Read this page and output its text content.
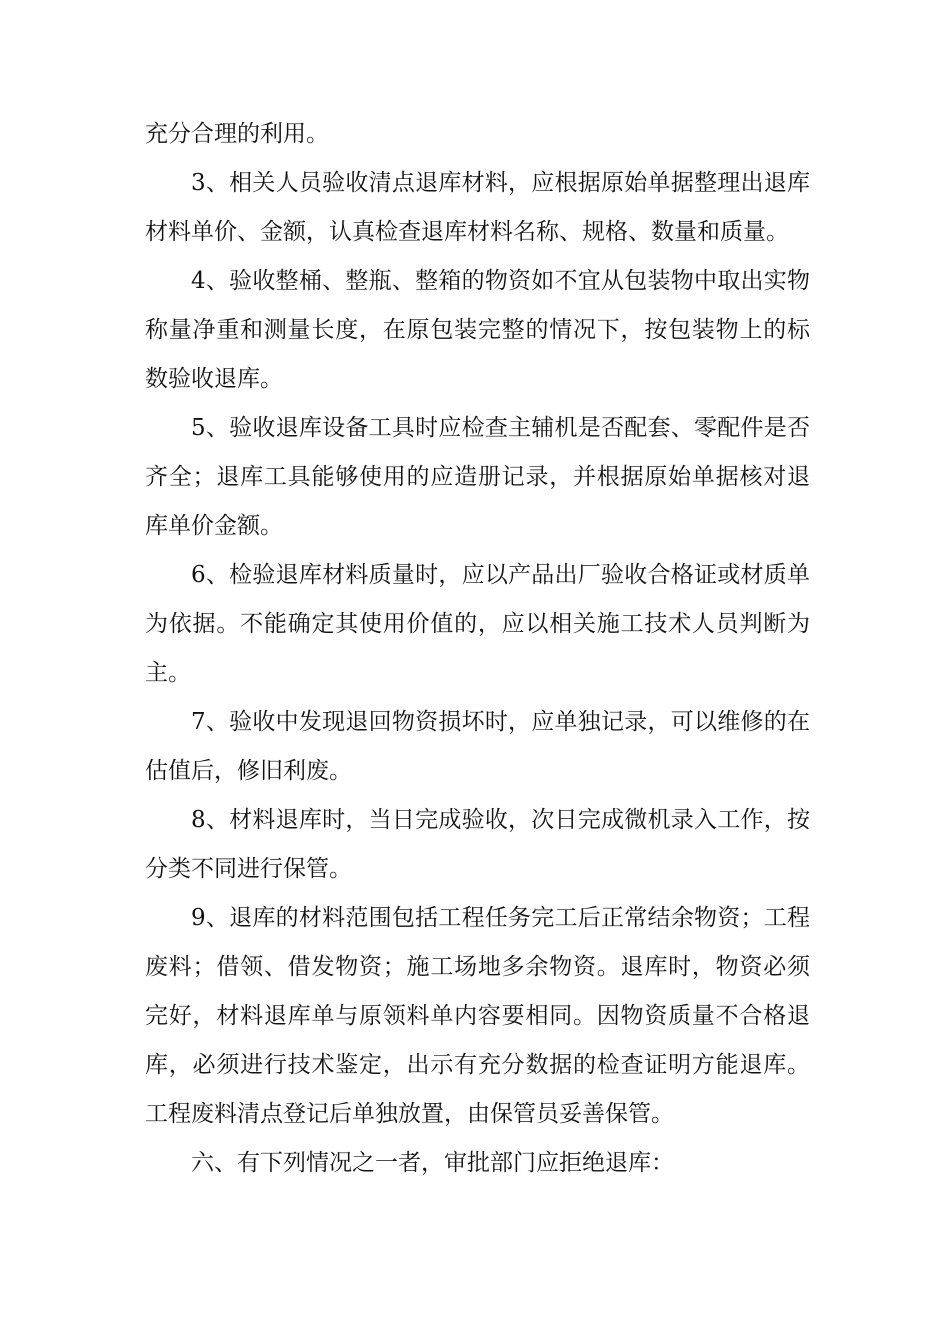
充分合理的利用。

3、相关人员验收清点退库材料，应根据原始单据整理出退库材料单价、金额，认真检查退库材料名称、规格、数量和质量。

4、验收整桶、整瓶、整箱的物资如不宜从包装物中取出实物称量净重和测量长度，在原包装完整的情况下，按包装物上的标数验收退库。

5、验收退库设备工具时应检查主辅机是否配套、零配件是否齐全；退库工具能够使用的应造册记录，并根据原始单据核对退库单价金额。

6、检验退库材料质量时，应以产品出厂验收合格证或材质单为依据。不能确定其使用价值的，应以相关施工技术人员判断为主。

7、验收中发现退回物资损坏时，应单独记录，可以维修的在估值后，修旧利废。

8、材料退库时，当日完成验收，次日完成微机录入工作，按分类不同进行保管。

9、退库的材料范围包括工程任务完工后正常结余物资；工程废料；借领、借发物资；施工场地多余物资。退库时，物资必须完好，材料退库单与原领料单内容要相同。因物资质量不合格退库，必须进行技术鉴定，出示有充分数据的检查证明方能退库。工程废料清点登记后单独放置，由保管员妥善保管。

六、有下列情况之一者，审批部门应拒绝退库：
